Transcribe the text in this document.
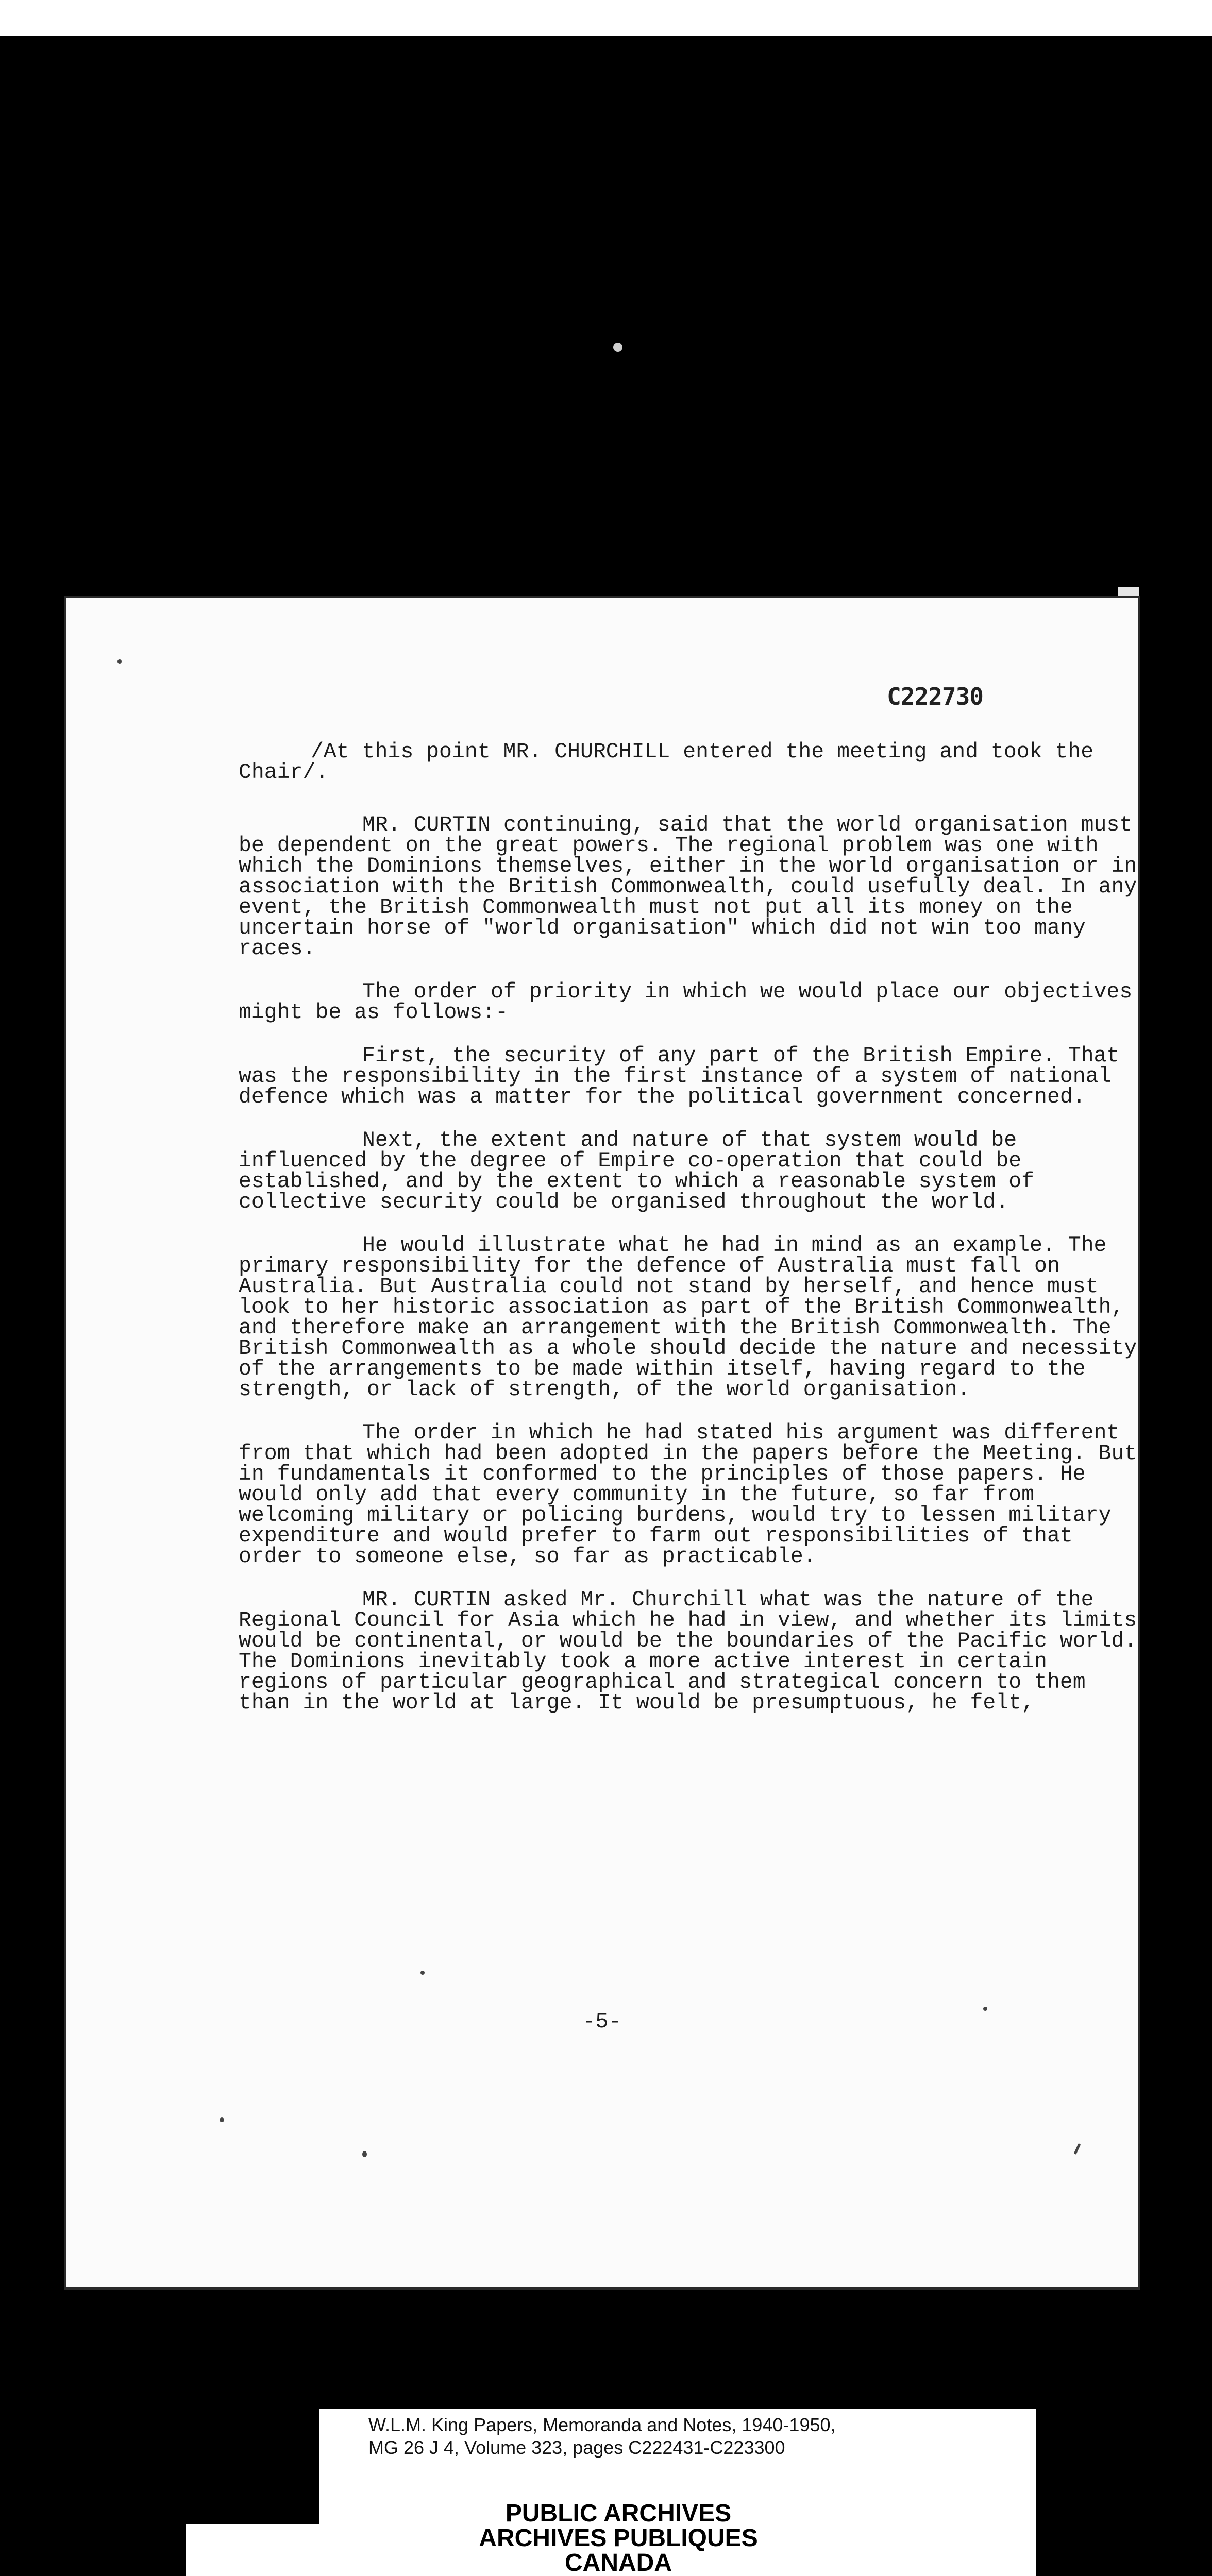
C222730

/At this point MR. CHURCHILL entered the meeting and took the Chair/.

MR. CURTIN continuing, said that the world organisation must be dependent on the great powers. The regional problem was one with which the Dominions themselves, either in the world organisation or in association with the British Commonwealth, could usefully deal. In any event, the British Commonwealth must not put all its money on the uncertain horse of "world organisation" which did not win too many races.

The order of priority in which we would place our objectives might be as follows:-

First, the security of any part of the British Empire. That was the responsibility in the first instance of a system of national defence which was a matter for the political government concerned.

Next, the extent and nature of that system would be influenced by the degree of Empire co-operation that could be established, and by the extent to which a reasonable system of collective security could be organised throughout the world.

He would illustrate what he had in mind as an example. The primary responsibility for the defence of Australia must fall on Australia. But Australia could not stand by herself, and hence must look to her historic association as part of the British Commonwealth, and therefore make an arrangement with the British Commonwealth. The British Commonwealth as a whole should decide the nature and necessity of the arrangements to be made within itself, having regard to the strength, or lack of strength, of the world organisation.

The order in which he had stated his argument was different from that which had been adopted in the papers before the Meeting. But in fundamentals it conformed to the principles of those papers. He would only add that every community in the future, so far from welcoming military or policing burdens, would try to lessen military expenditure and would prefer to farm out responsibilities of that order to someone else, so far as practicable.

MR. CURTIN asked Mr. Churchill what was the nature of the Regional Council for Asia which he had in view, and whether its limits would be continental, or would be the boundaries of the Pacific world. The Dominions inevitably took a more active interest in certain regions of particular geographical and strategical concern to them than in the world at large. It would be presumptuous, he felt,

-5-
W.L.M. King Papers, Memoranda and Notes, 1940-1950,
MG 26 J 4, Volume 323, pages C222431-C223300
PUBLIC ARCHIVES
ARCHIVES PUBLIQUES
CANADA
